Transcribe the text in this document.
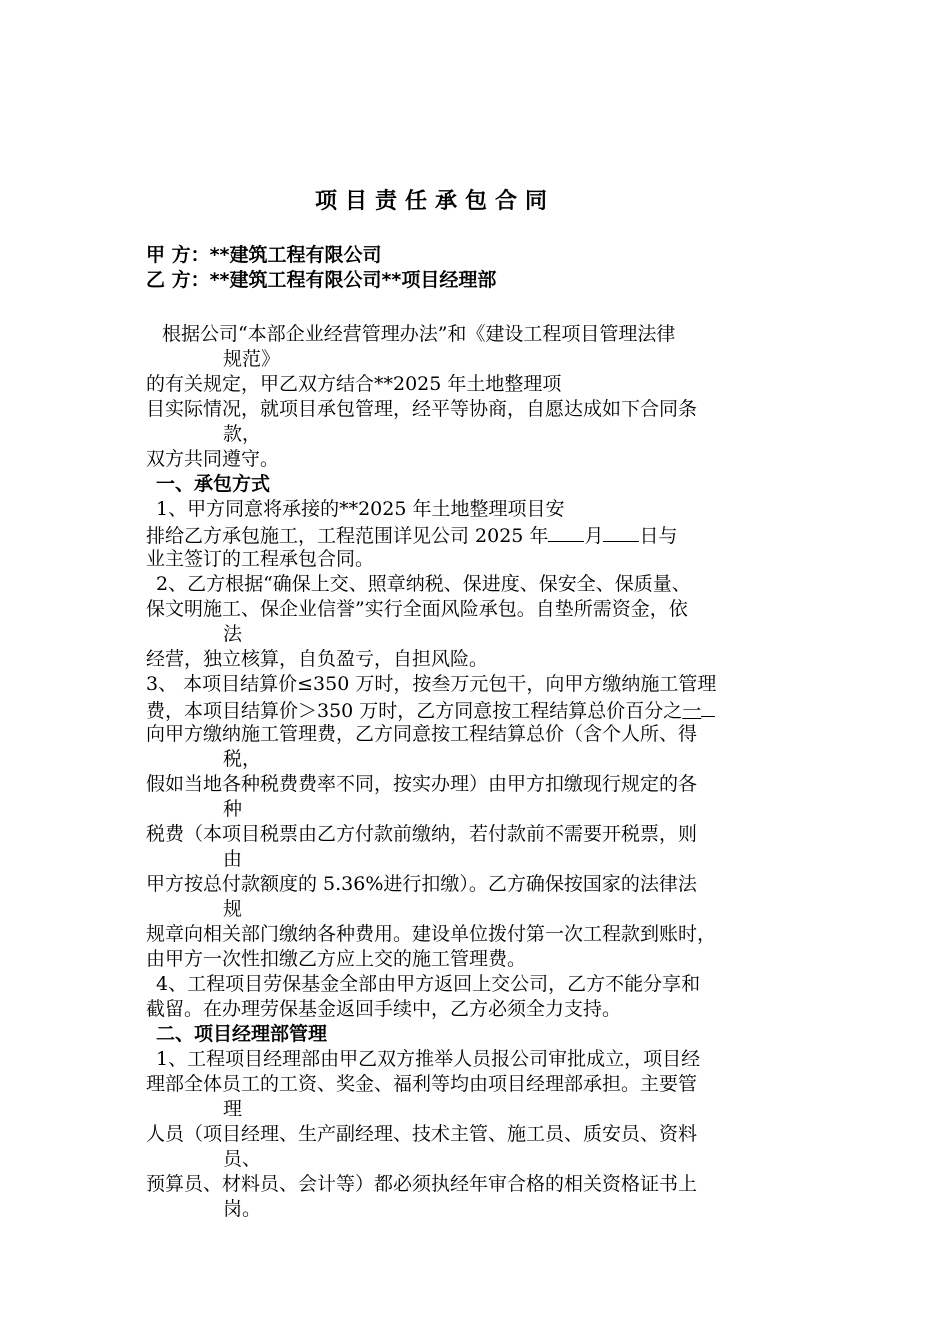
项目责任承包合同
甲 方：**建筑工程有限公司
乙 方：**建筑工程有限公司**项目经理部
根据公司“本部企业经营管理办法”和《建设工程项目管理法律
规范》
的有关规定，甲乙双方结合**2025 年土地整理项
目实际情况，就项目承包管理，经平等协商，自愿达成如下合同条
款，
双方共同遵守。
一、承包方式
1、甲方同意将承接的**2025 年土地整理项目安
排给乙方承包施工，工程范围详见公司 2025 年 月 日与
业主签订的工程承包合同。
2、乙方根据“确保上交、照章纳税、保进度、保安全、保质量、
保文明施工、保企业信誉”实行全面风险承包。自垫所需资金，依
法
经营，独立核算，自负盈亏，自担风险。
3、 本项目结算价≤350 万时，按叁万元包干，向甲方缴纳施工管理
费，本项目结算价＞350 万时，乙方同意按工程结算总价百分之一
向甲方缴纳施工管理费，乙方同意按工程结算总价（含个人所、得
税，
假如当地各种税费费率不同，按实办理）由甲方扣缴现行规定的各
种
税费（本项目税票由乙方付款前缴纳，若付款前不需要开税票，则
由
甲方按总付款额度的 5.36%进行扣缴）。乙方确保按国家的法律法
规
规章向相关部门缴纳各种费用。建设单位拨付第一次工程款到账时，
由甲方一次性扣缴乙方应上交的施工管理费。
4、工程项目劳保基金全部由甲方返回上交公司，乙方不能分享和
截留。在办理劳保基金返回手续中，乙方必须全力支持。
二、项目经理部管理
1、工程项目经理部由甲乙双方推举人员报公司审批成立，项目经
理部全体员工的工资、奖金、福利等均由项目经理部承担。主要管
理
人员（项目经理、生产副经理、技术主管、施工员、质安员、资料
员、
预算员、材料员、会计等）都必须执经年审合格的相关资格证书上
岗。
